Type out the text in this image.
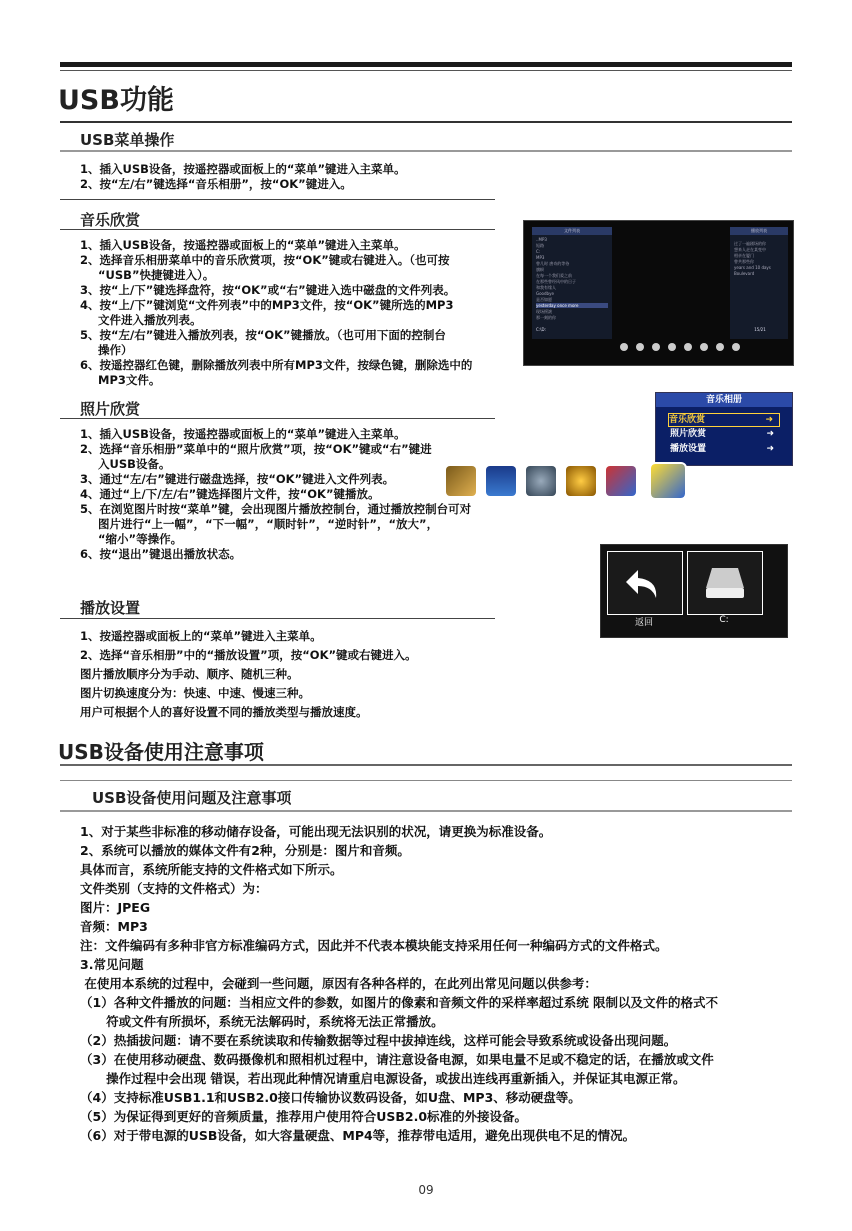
USB功能
USB菜单操作
1、插入USB设备，按遥控器或面板上的“菜单”键进入主菜单。
2、按“左/右”键选择“音乐相册”，按“OK”键进入。
音乐欣赏
1、插入USB设备，按遥控器或面板上的“菜单”键进入主菜单。
2、选择音乐相册菜单中的音乐欣赏项，按“OK”键或右键进入。（也可按
“USB”快捷键进入）。
3、按“上/下”键选择盘符，按“OK”或“右”键进入选中磁盘的文件列表。
4、按“上/下”键浏览“文件列表”中的MP3文件，按“OK”键所选的MP3
文件进入播放列表。
5、按“左/右”键进入播放列表，按“OK”键播放。（也可用下面的控制台
操作）
6、按遥控器红色键，删除播放列表中所有MP3文件，按绿色键，删除选中的
MP3文件。
文件列表
..MP3
短路
C:
MP3
曾几时 唐奇的等待
旗帜
在每一个我们爱之前
在那些曾经风中的日子
和我有缘人
Goodbye
是否如愿
yesterday once more
现场摇滚
那一刻的你
C:\D:
播放列表
过了一遍剧场的你
想来人走在某变中
相亲在厦门
曾共那些你
years and 10 days
Boulevard
15/21
照片欣赏
1、插入USB设备，按遥控器或面板上的“菜单”键进入主菜单。
2、选择“音乐相册”菜单中的“照片欣赏”项，按“OK”键或“右”键进
入USB设备。
3、通过“左/右”键进行磁盘选择，按“OK”键进入文件列表。
4、通过“上/下/左/右”键选择图片文件，按“OK”键播放。
5、在浏览图片时按“菜单”键，会出现图片播放控制台，通过播放控制台可对
图片进行“上一幅”，“下一幅”，“顺时针”，“逆时针”，“放大”，
“缩小”等操作。
6、按“退出”键退出播放状态。
音乐相册
音乐欣赏	➜
照片欣赏	➜
播放设置	➜
返回	C:
播放设置
1、按遥控器或面板上的“菜单”键进入主菜单。
2、选择“音乐相册”中的“播放设置”项，按“OK”键或右键进入。
图片播放顺序分为手动、顺序、随机三种。
图片切换速度分为：快速、中速、慢速三种。
用户可根据个人的喜好设置不同的播放类型与播放速度。
USB设备使用注意事项
USB设备使用问题及注意事项
1、对于某些非标准的移动储存设备，可能出现无法识别的状况，请更换为标准设备。
2、系统可以播放的媒体文件有2种，分别是：图片和音频。
具体而言，系统所能支持的文件格式如下所示。
文件类别（支持的文件格式）为：
图片：JPEG
音频：MP3
注：文件编码有多种非官方标准编码方式，因此并不代表本模块能支持采用任何一种编码方式的文件格式。
3.常见问题
在使用本系统的过程中，会碰到一些问题，原因有各种各样的，在此列出常见问题以供参考：
（1）各种文件播放的问题：当相应文件的参数，如图片的像素和音频文件的采样率超过系统 限制以及文件的格式不
符或文件有所损坏，系统无法解码时，系统将无法正常播放。
（2）热插拔问题：请不要在系统读取和传输数据等过程中拔掉连线，这样可能会导致系统或设备出现问题。
（3）在使用移动硬盘、数码摄像机和照相机过程中，请注意设备电源，如果电量不足或不稳定的话，在播放或文件
操作过程中会出现 错误，若出现此种情况请重启电源设备，或拔出连线再重新插入，并保证其电源正常。
（4）支持标准USB1.1和USB2.0接口传输协议数码设备，如U盘、MP3、移动硬盘等。
（5）为保证得到更好的音频质量，推荐用户使用符合USB2.0标准的外接设备。
（6）对于带电源的USB设备，如大容量硬盘、MP4等，推荐带电适用，避免出现供电不足的情况。
09
